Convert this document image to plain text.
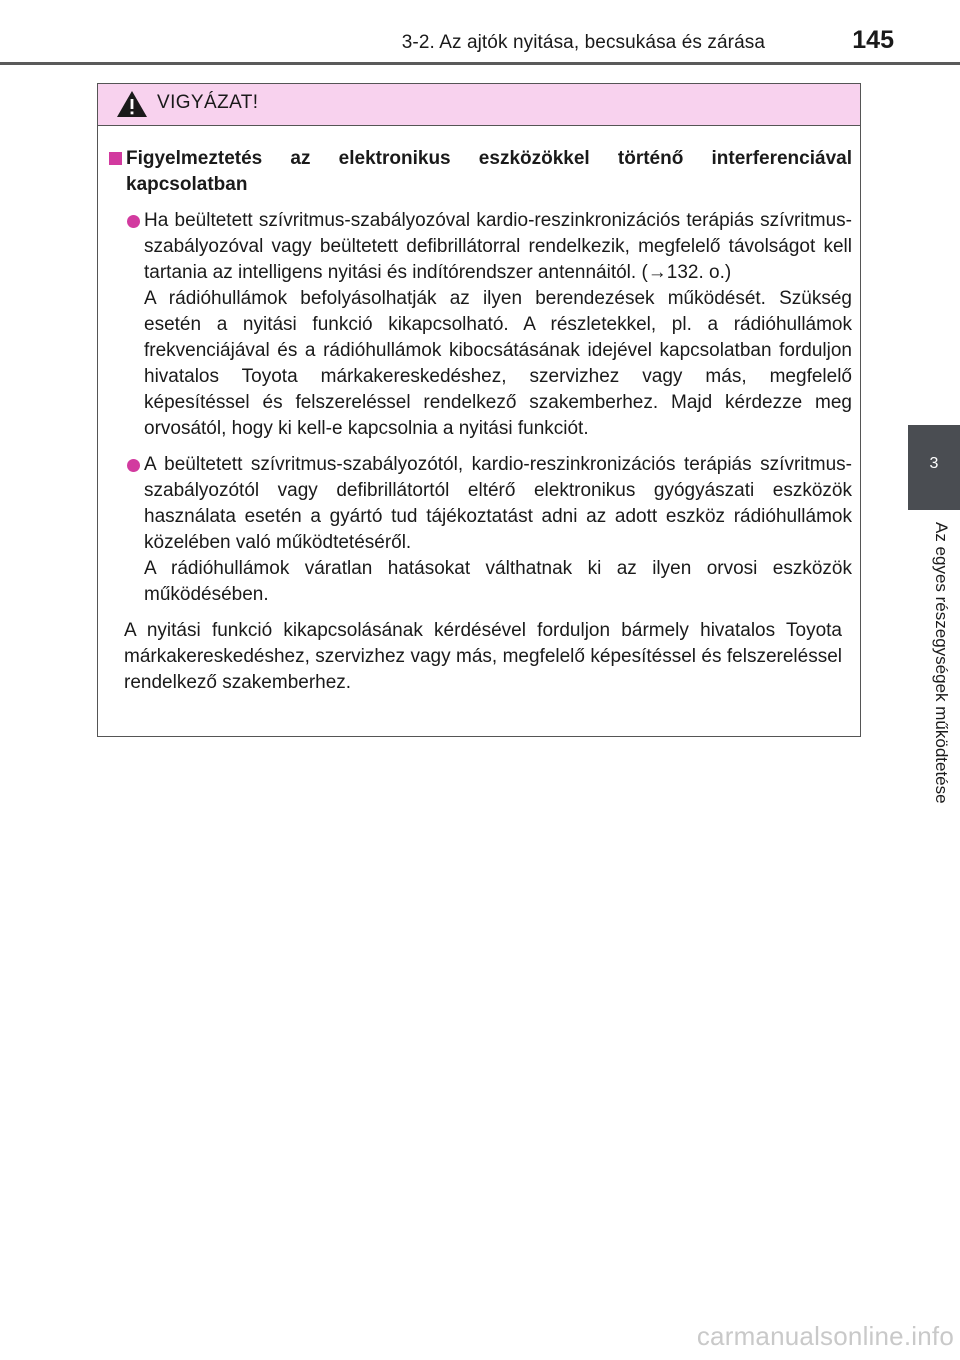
3-2. Az ajtók nyitása, becsukása és zárása	145
3
Az egyes részegységek működtetése
VIGYÁZAT!
Figyelmeztetés az elektronikus eszközökkel történő interferenciával kapcsolatban
Ha beültetett szívritmus-szabályozóval kardio-reszinkronizációs terápiás szívritmus-szabályozóval vagy beültetett defibrillátorral rendelkezik, megfelelő távolságot kell tartania az intelligens nyitási és indítórendszer antennáitól. (→132. o.)
A rádióhullámok befolyásolhatják az ilyen berendezések működését. Szükség esetén a nyitási funkció kikapcsolható. A részletekkel, pl. a rádióhullámok frekvenciájával és a rádióhullámok kibocsátásának idejével kapcsolatban forduljon hivatalos Toyota márkakereskedéshez, szervizhez vagy más, megfelelő képesítéssel és felszereléssel rendelkező szakemberhez. Majd kérdezze meg orvosától, hogy ki kell-e kapcsolnia a nyitási funkciót.
A beültetett szívritmus-szabályozótól, kardio-reszinkronizációs terápiás szívritmus-szabályozótól vagy defibrillátortól eltérő elektronikus gyógyászati eszközök használata esetén a gyártó tud tájékoztatást adni az adott eszköz rádióhullámok közelében való működtetéséről.
A rádióhullámok váratlan hatásokat válthatnak ki az ilyen orvosi eszközök működésében.
A nyitási funkció kikapcsolásának kérdésével forduljon bármely hivatalos Toyota márkakereskedéshez, szervizhez vagy más, megfelelő képesítéssel és felszereléssel rendelkező szakemberhez.
carmanualsonline.info
